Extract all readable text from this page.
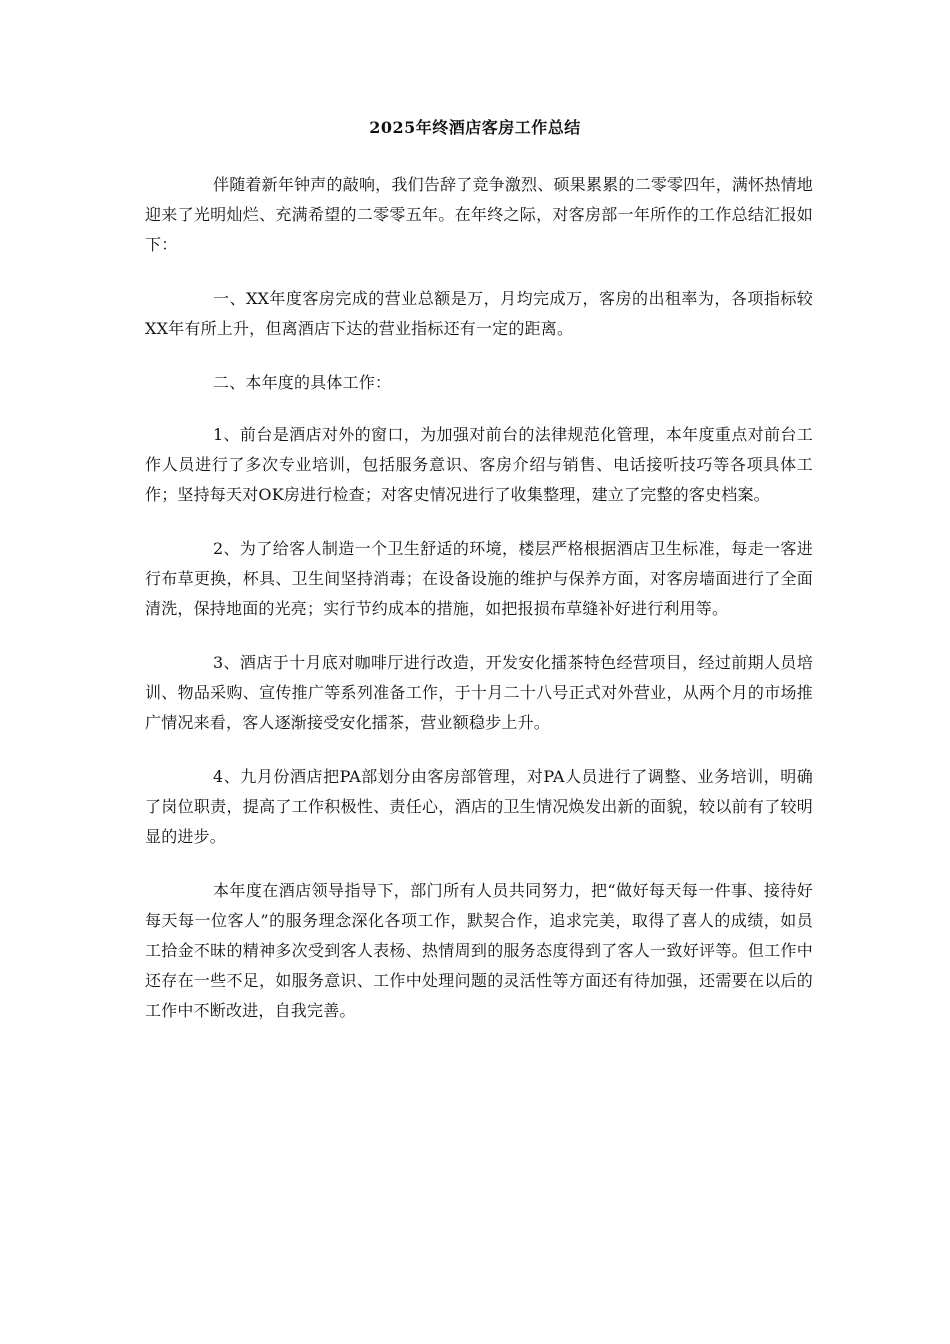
2025年终酒店客房工作总结

伴随着新年钟声的敲响，我们告辞了竞争激烈、硕果累累的二零零四年，满怀热情地迎来了光明灿烂、充满希望的二零零五年。在年终之际，对客房部一年所作的工作总结汇报如下：

一、XX年度客房完成的营业总额是万，月均完成万，客房的出租率为，各项指标较XX年有所上升，但离酒店下达的营业指标还有一定的距离。

二、本年度的具体工作：

1、前台是酒店对外的窗口，为加强对前台的法律规范化管理，本年度重点对前台工作人员进行了多次专业培训，包括服务意识、客房介绍与销售、电话接听技巧等各项具体工作；坚持每天对OK房进行检查；对客史情况进行了收集整理，建立了完整的客史档案。

2、为了给客人制造一个卫生舒适的环境，楼层严格根据酒店卫生标准，每走一客进行布草更换，杯具、卫生间坚持消毒；在设备设施的维护与保养方面，对客房墙面进行了全面清洗，保持地面的光亮；实行节约成本的措施，如把报损布草缝补好进行利用等。

3、酒店于十月底对咖啡厅进行改造，开发安化擂茶特色经营项目，经过前期人员培训、物品采购、宣传推广等系列准备工作，于十月二十八号正式对外营业，从两个月的市场推广情况来看，客人逐渐接受安化擂茶，营业额稳步上升。

4、九月份酒店把PA部划分由客房部管理，对PA人员进行了调整、业务培训，明确了岗位职责，提高了工作积极性、责任心，酒店的卫生情况焕发出新的面貌，较以前有了较明显的进步。

本年度在酒店领导指导下，部门所有人员共同努力，把“做好每天每一件事、接待好每天每一位客人”的服务理念深化各项工作，默契合作，追求完美，取得了喜人的成绩，如员工拾金不昧的精神多次受到客人表杨、热情周到的服务态度得到了客人一致好评等。但工作中还存在一些不足，如服务意识、工作中处理问题的灵活性等方面还有待加强，还需要在以后的工作中不断改进，自我完善。
